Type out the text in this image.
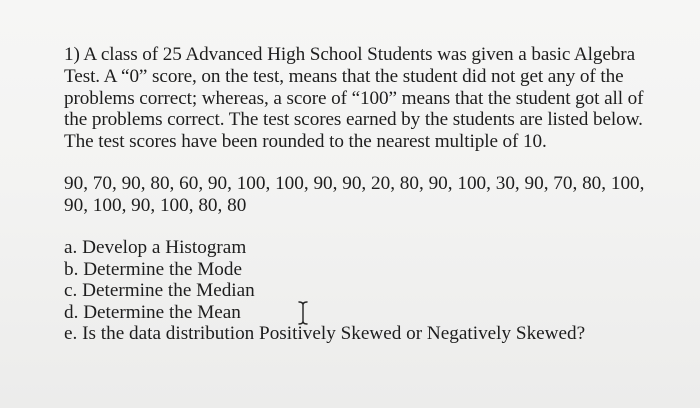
1) A class of 25 Advanced High School Students was given a basic Algebra
Test. A “0” score, on the test, means that the student did not get any of the
problems correct; whereas, a score of “100” means that the student got all of
the problems correct. The test scores earned by the students are listed below.
The test scores have been rounded to the nearest multiple of 10.

90, 70, 90, 80, 60, 90, 100, 100, 90, 90, 20, 80, 90, 100, 30, 90, 70, 80, 100,
90, 100, 90, 100, 80, 80
a. Develop a Histogram
b. Determine the Mode
c. Determine the Median
d. Determine the Mean
e. Is the data distribution Positively Skewed or Negatively Skewed?
